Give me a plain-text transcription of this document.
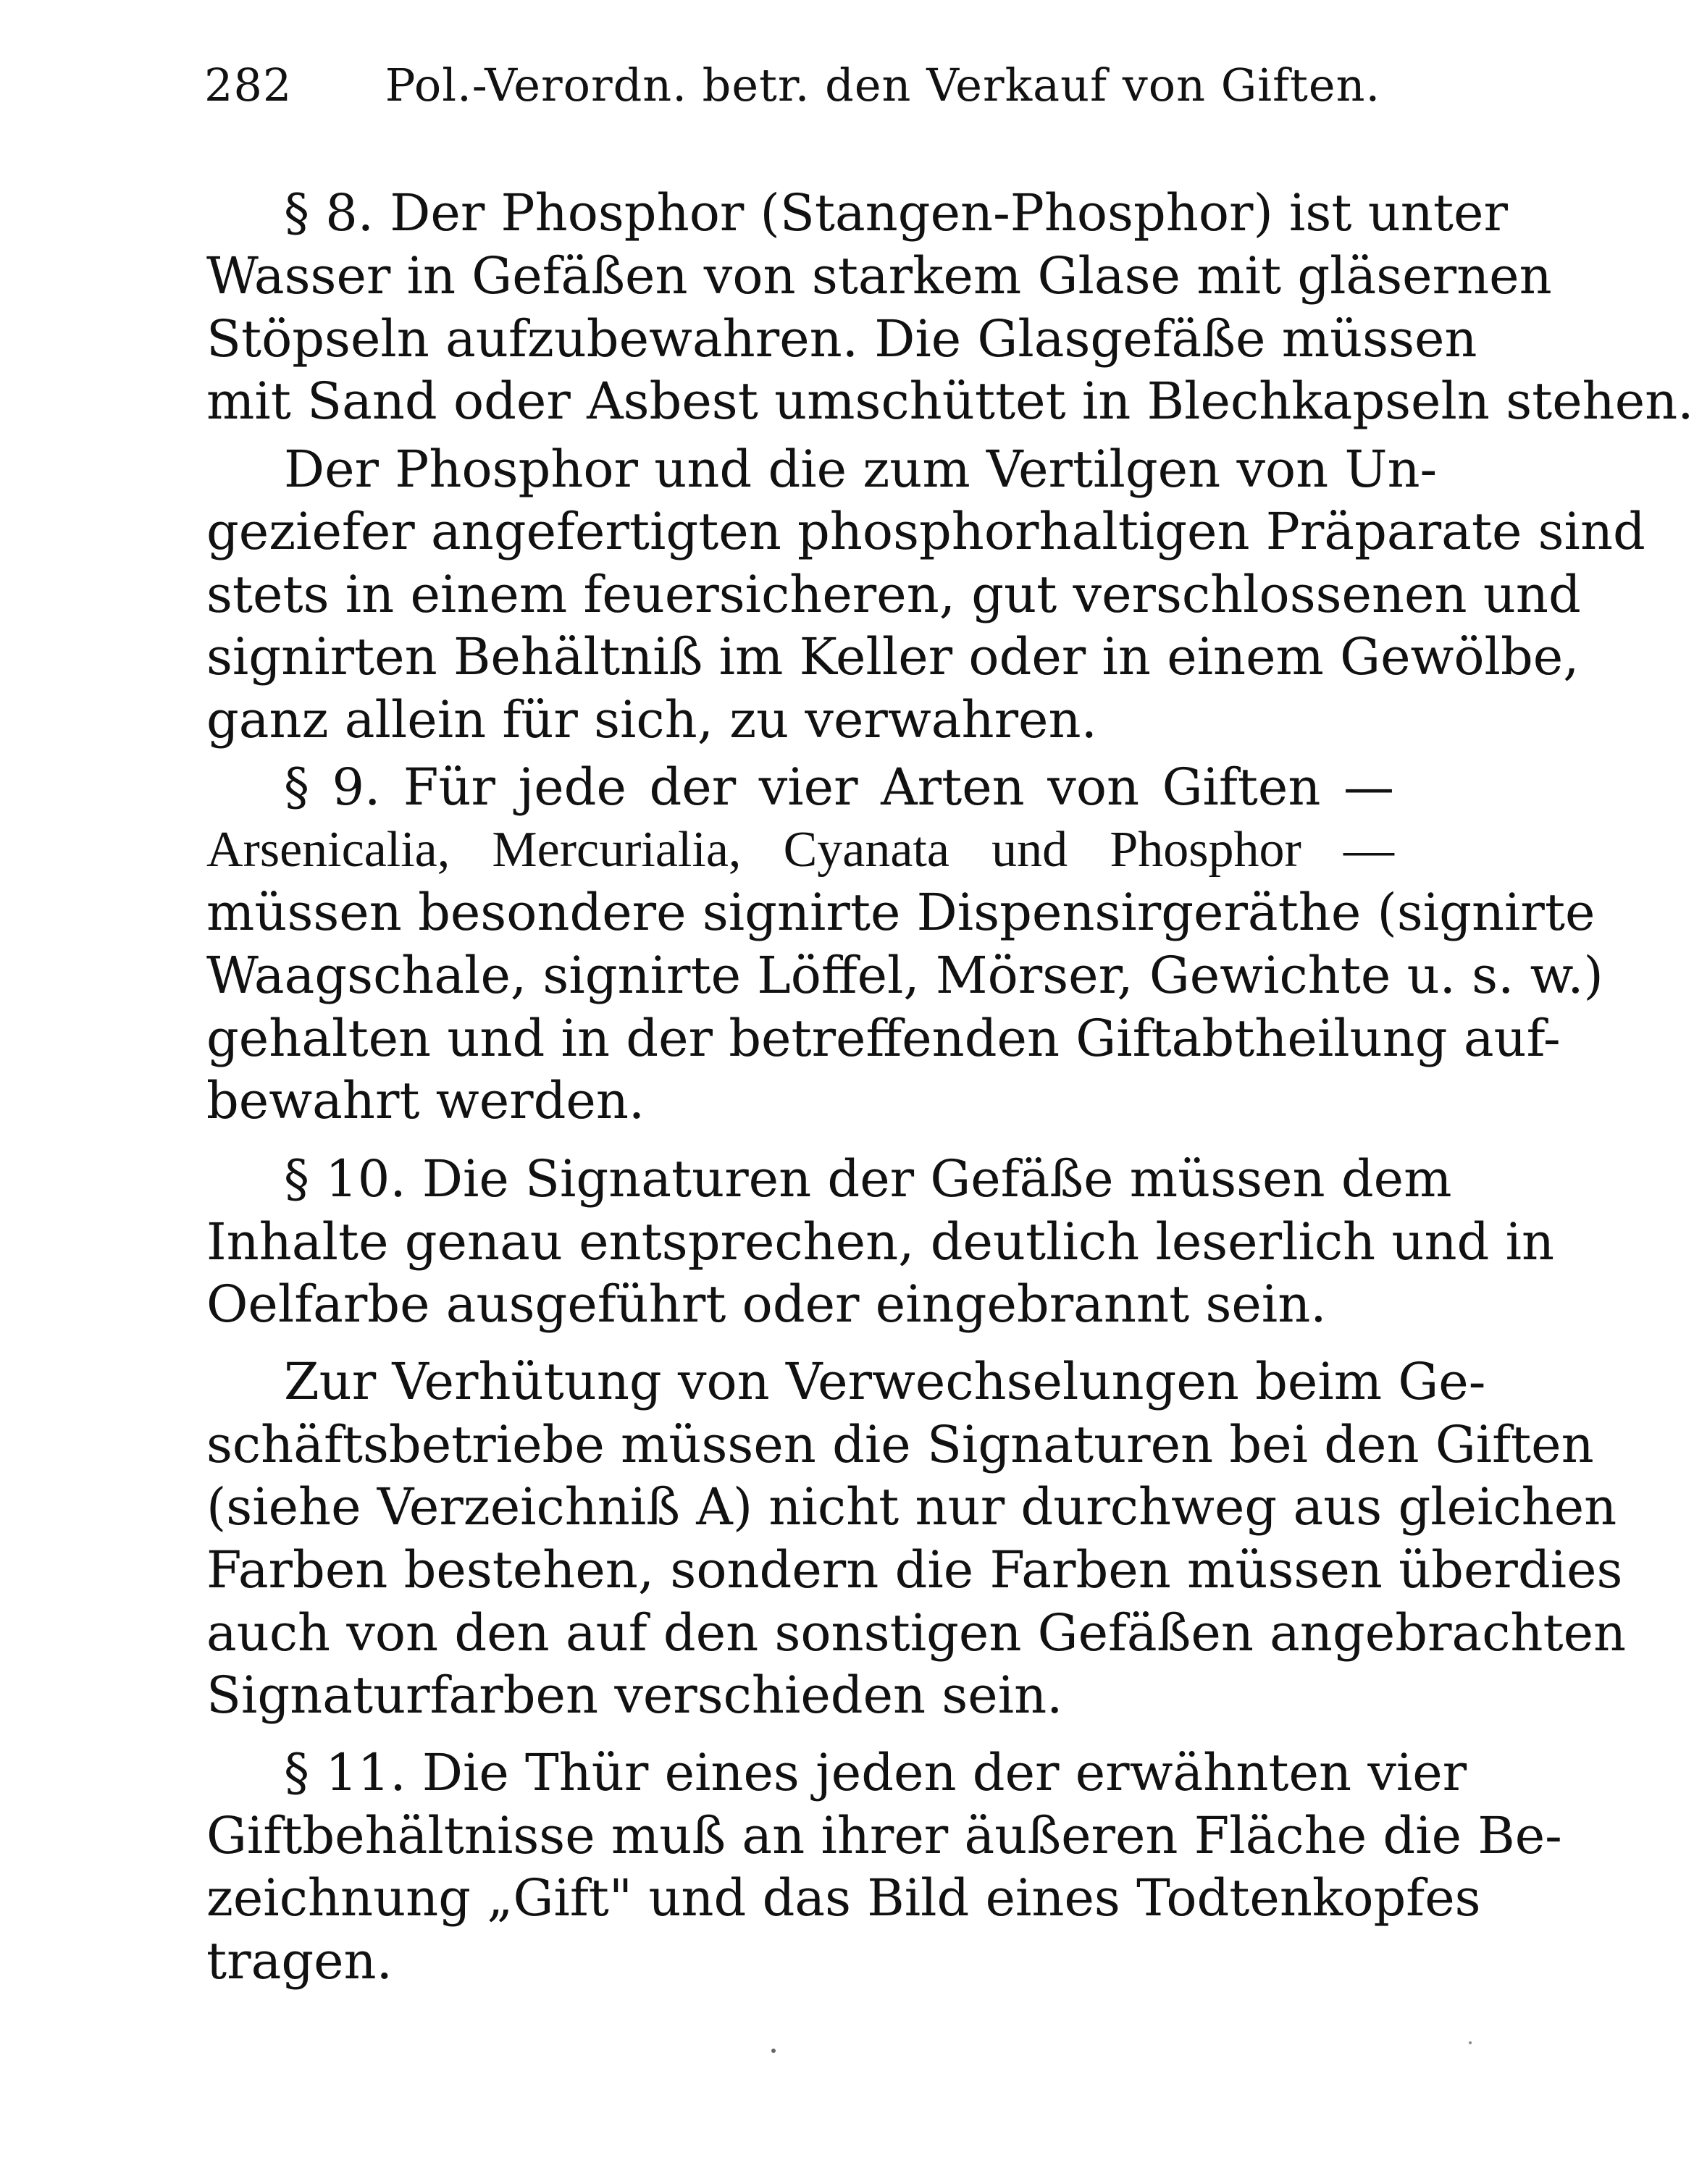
282 Pol.-Verordn. betr. den Verkauf von Giften.
§ 8. Der Phosphor (Stangen-Phosphor) ist unter
Wasser in Gefäßen von starkem Glase mit gläsernen
Stöpseln aufzubewahren. Die Glasgefäße müssen
mit Sand oder Asbest umschüttet in Blechkapseln stehen.
Der Phosphor und die zum Vertilgen von Un-
geziefer angefertigten phosphorhaltigen Präparate sind
stets in einem feuersicheren, gut verschlossenen und
signirten Behältniß im Keller oder in einem Gewölbe,
ganz allein für sich, zu verwahren.
§ 9. Für jede der vier Arten von Giften —
Arsenicalia, Mercurialia, Cyanata und Phosphor —
müssen besondere signirte Dispensirgeräthe (signirte
Waagschale, signirte Löffel, Mörser, Gewichte u. s. w.)
gehalten und in der betreffenden Giftabtheilung auf-
bewahrt werden.
§ 10. Die Signaturen der Gefäße müssen dem
Inhalte genau entsprechen, deutlich leserlich und in
Oelfarbe ausgeführt oder eingebrannt sein.
Zur Verhütung von Verwechselungen beim Ge-
schäftsbetriebe müssen die Signaturen bei den Giften
(siehe Verzeichniß A) nicht nur durchweg aus gleichen
Farben bestehen, sondern die Farben müssen überdies
auch von den auf den sonstigen Gefäßen angebrachten
Signaturfarben verschieden sein.
§ 11. Die Thür eines jeden der erwähnten vier
Giftbehältnisse muß an ihrer äußeren Fläche die Be-
zeichnung „Gift" und das Bild eines Todtenkopfes
tragen.
